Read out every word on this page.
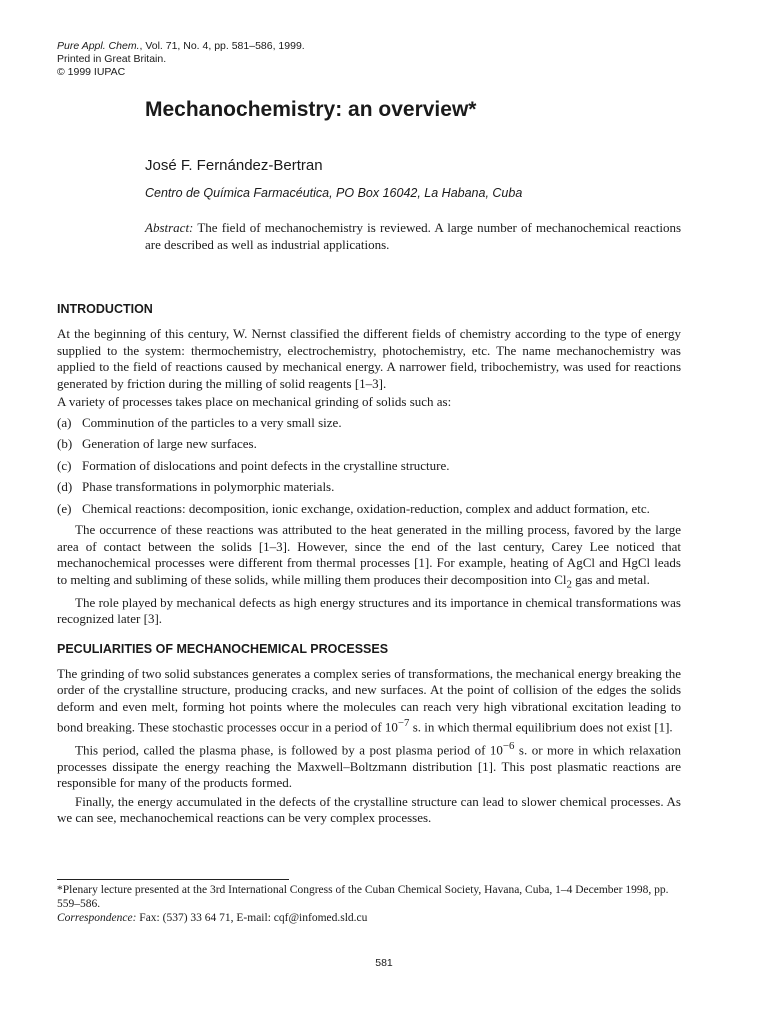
Pure Appl. Chem., Vol. 71, No. 4, pp. 581–586, 1999.
Printed in Great Britain.
© 1999 IUPAC
Mechanochemistry: an overview*
José F. Fernández-Bertran
Centro de Química Farmacéutica, PO Box 16042, La Habana, Cuba
Abstract: The field of mechanochemistry is reviewed. A large number of mechanochemical reactions are described as well as industrial applications.
INTRODUCTION

At the beginning of this century, W. Nernst classified the different fields of chemistry according to the type of energy supplied to the system: thermochemistry, electrochemistry, photochemistry, etc. The name mechanochemistry was applied to the field of reactions caused by mechanical energy. A narrower field, tribochemistry, was used for reactions generated by friction during the milling of solid reagents [1–3].

A variety of processes takes place on mechanical grinding of solids such as:

(a) Comminution of the particles to a very small size.
(b) Generation of large new surfaces.
(c) Formation of dislocations and point defects in the crystalline structure.
(d) Phase transformations in polymorphic materials.
(e) Chemical reactions: decomposition, ionic exchange, oxidation-reduction, complex and adduct formation, etc.

The occurrence of these reactions was attributed to the heat generated in the milling process, favored by the large area of contact between the solids [1–3]. However, since the end of the last century, Carey Lee noticed that mechanochemical processes were different from thermal processes [1]. For example, heating of AgCl and HgCl leads to melting and subliming of these solids, while milling them produces their decomposition into $Cl_2$ gas and metal.

The role played by mechanical defects as high energy structures and its importance in chemical transformations was recognized later [3].

PECULIARITIES OF MECHANOCHEMICAL PROCESSES

The grinding of two solid substances generates a complex series of transformations, the mechanical energy breaking the order of the crystalline structure, producing cracks, and new surfaces. At the point of collision of the edges the solids deform and even melt, forming hot points where the molecules can reach very high vibrational excitation leading to bond breaking. These stochastic processes occur in a period of $10^{-7}$ s. in which thermal equilibrium does not exist [1].

This period, called the plasma phase, is followed by a post plasma period of $10^{-6}$ s. or more in which relaxation processes dissipate the energy reaching the Maxwell–Boltzmann distribution [1]. This post plasmatic reactions are responsible for many of the products formed.

Finally, the energy accumulated in the defects of the crystalline structure can lead to slower chemical processes. As we can see, mechanochemical reactions can be very complex processes.

*Plenary lecture presented at the 3rd International Congress of the Cuban Chemical Society, Havana, Cuba, 1–4 December 1998, pp. 559–586.
Correspondence: Fax: (537) 33 64 71, E-mail: cqf@infomed.sld.cu
581
